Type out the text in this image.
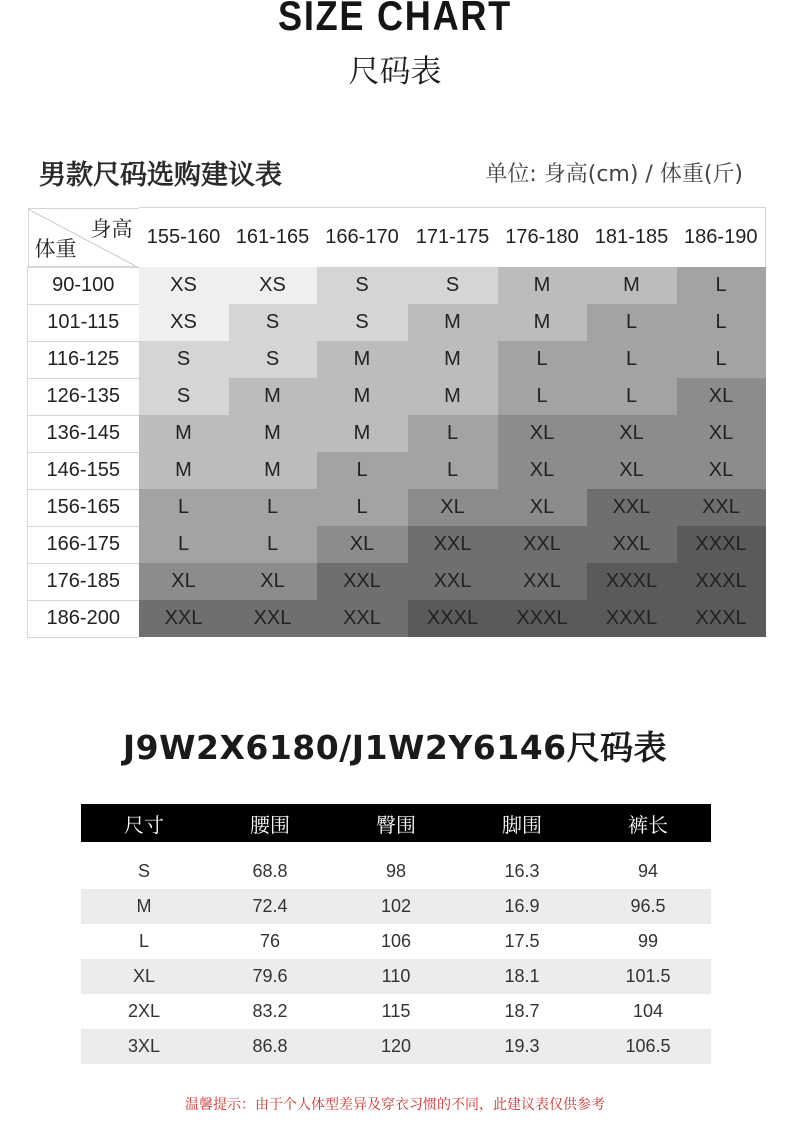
SIZE CHART
尺码表
男款尺码选购建议表	单位: 身高(cm) / 体重(斤)
身高
体重	155-160	161-165	166-170	171-175	176-180	181-185	186-190
90-100	XS	XS	S	S	M	M	L
101-115	XS	S	S	M	M	L	L
116-125	S	S	M	M	L	L	L
126-135	S	M	M	M	L	L	XL
136-145	M	M	M	L	XL	XL	XL
146-155	M	M	L	L	XL	XL	XL
156-165	L	L	L	XL	XL	XXL	XXL
166-175	L	L	XL	XXL	XXL	XXL	XXXL
176-185	XL	XL	XXL	XXL	XXL	XXXL	XXXL
186-200	XXL	XXL	XXL	XXXL	XXXL	XXXL	XXXL
J9W2X6180/J1W2Y6146尺码表
尺寸	腰围	臀围	脚围	裤长

S	68.8	98	16.3	94
M	72.4	102	16.9	96.5
L	76	106	17.5	99
XL	79.6	110	18.1	101.5
2XL	83.2	115	18.7	104
3XL	86.8	120	19.3	106.5
温馨提示：由于个人体型差异及穿衣习惯的不同，此建议表仅供参考
